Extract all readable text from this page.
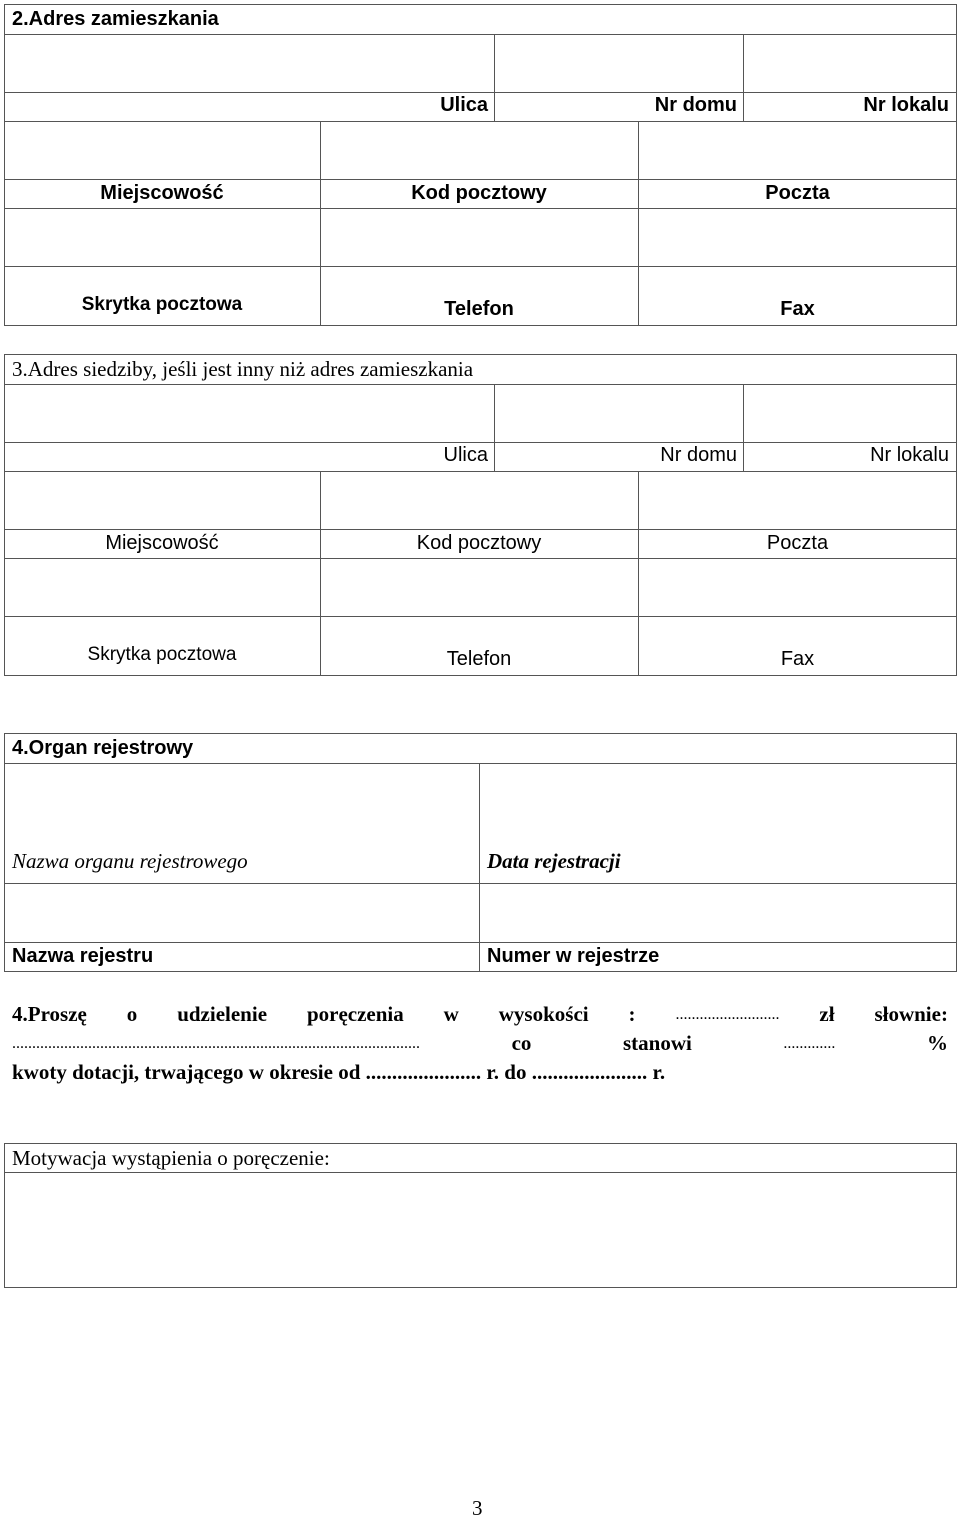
2.Adres zamieszkania
Ulica	Nr domu	Nr lokalu
Miejscowość	Kod pocztowy	Poczta
Skrytka pocztowa	Telefon	Fax
3.Adres siedziby, jeśli jest inny niż adres zamieszkania
Ulica	Nr domu	Nr lokalu
Miejscowość	Kod pocztowy	Poczta
Skrytka pocztowa	Telefon	Fax
4.Organ rejestrowy
Nazwa organu rejestrowego	Data rejestracji
Nazwa rejestru	Numer w rejestrze
4.Proszę o udzielenie poręczenia w wysokości : .......................... zł słownie:
......................................................................................................	co	stanowi	.............	%
kwoty dotacji, trwającego w okresie od ...................... r. do ...................... r.
Motywacja wystąpienia o poręczenie:
3
